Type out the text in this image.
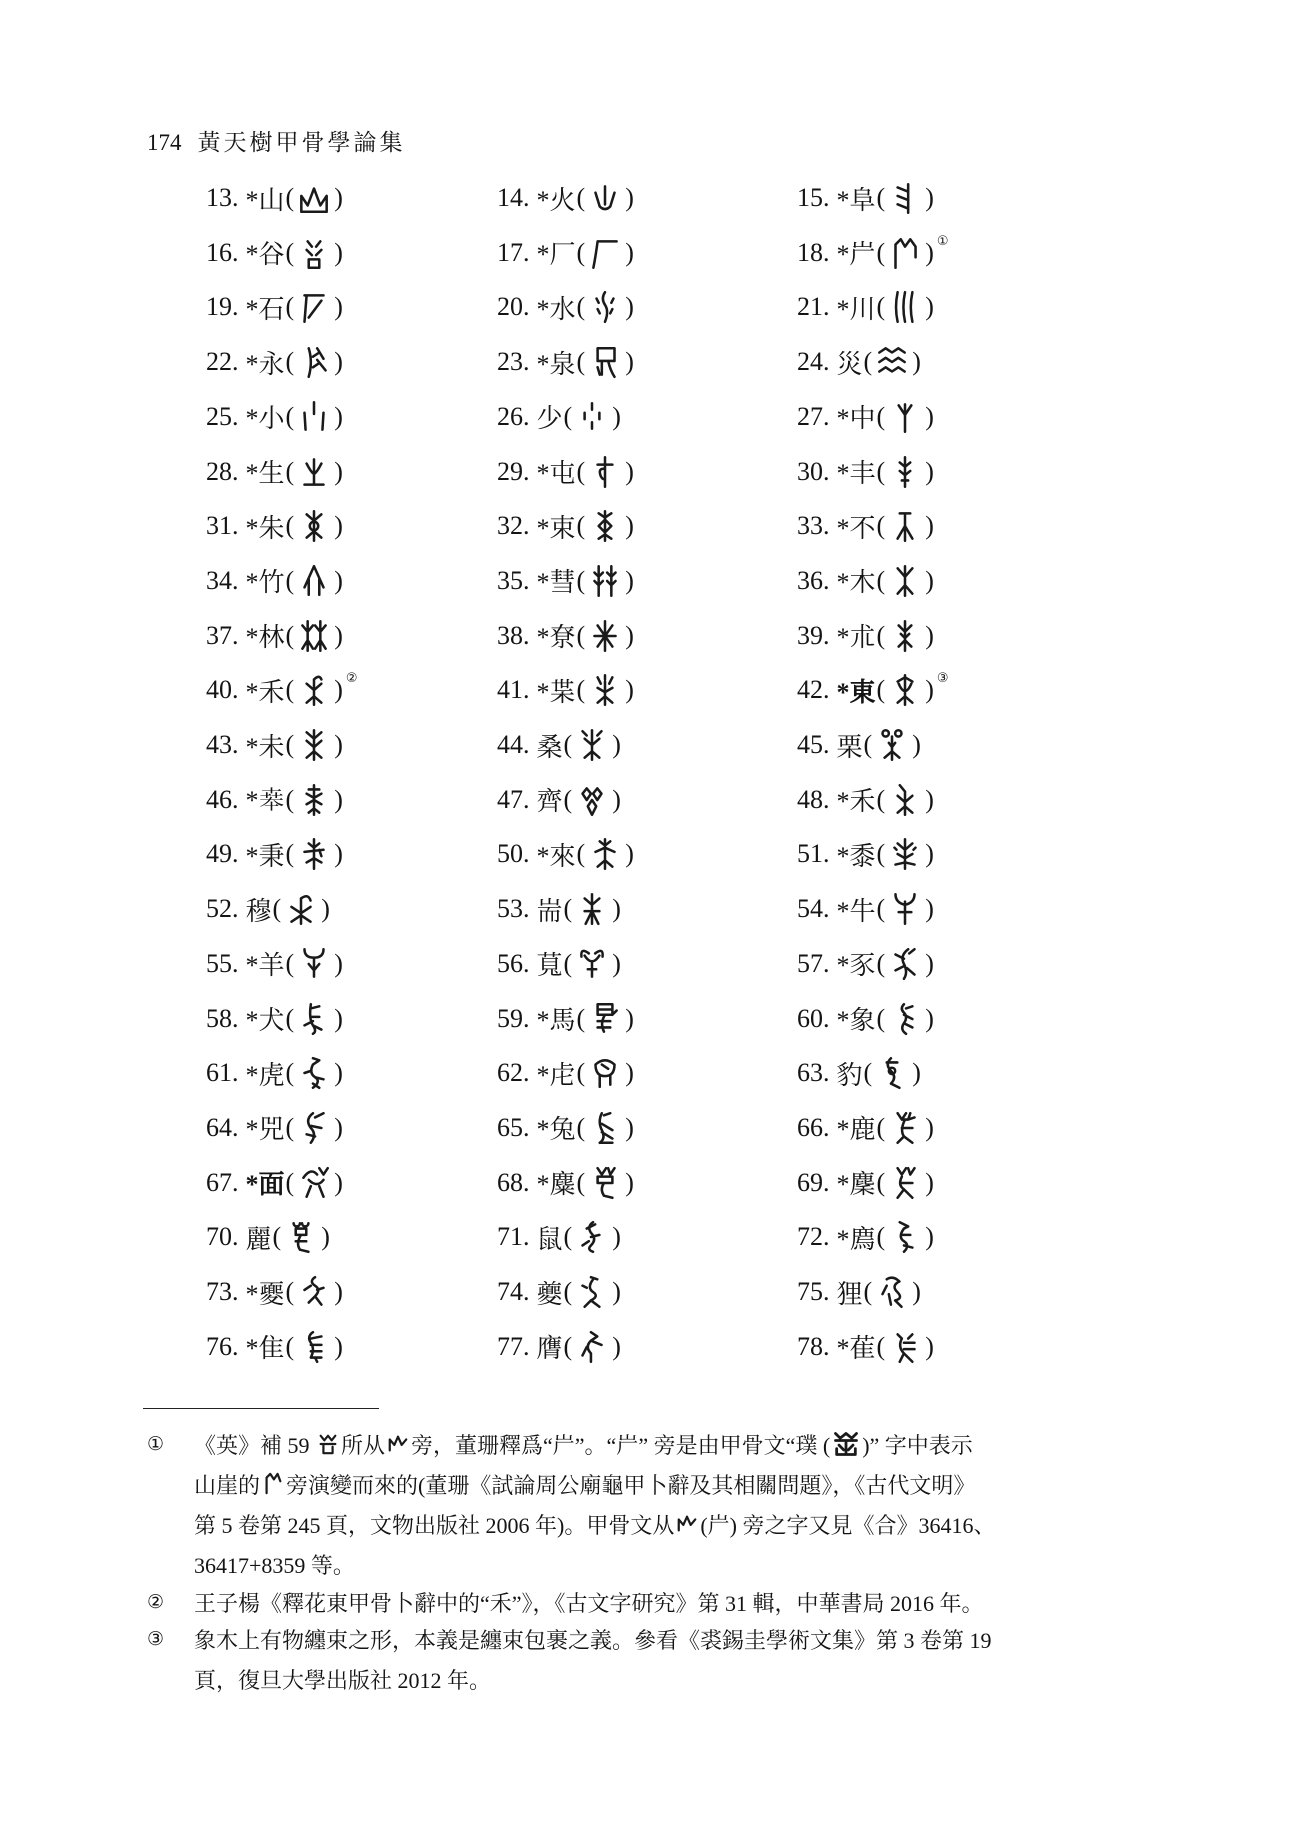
174 黃天樹甲骨學論集
13. *山 ( )	14. *火 ( )	15. *阜 ( )
16. *谷 ( )	17. *厂 ( )	18. *屵 ( ) ①
19. *石 ( )	20. *水 ( )	21. *川 ( )
22. *永 ( )	23. *泉 ( )	24. 災 ( )
25. *小 ( )	26. 少 ( )	27. *中 ( )
28. *生 ( )	29. *屯 ( )	30. *丰 ( )
31. *朱 ( )	32. *束 ( )	33. *不 ( )
34. *竹 ( )	35. *彗 ( )	36. *木 ( )
37. *林 ( )	38. *尞 ( )	39. *朮 ( )
40. *禾 ( ) ②	41. *枼 ( )	42. *東 ( ) ③
43. *未 ( )	44. 桑 ( )	45. 栗 ( )
46. *𠦪 ( )	47. 齊 ( )	48. *禾 ( )
49. *秉 ( )	50. *來 ( )	51. *黍 ( )
52. 穆 ( )	53. 耑 ( )	54. *牛 ( )
55. *羊 ( )	56. 萈 ( )	57. *豕 ( )
58. *犬 ( )	59. *馬 ( )	60. *象 ( )
61. *虎 ( )	62. *虍 ( )	63. 豹 ( )
64. *兕 ( )	65. *兔 ( )	66. *鹿 ( )
67. *面 ( )	68. *麋 ( )	69. *麇 ( )
70. 麗 ( )	71. 鼠 ( )	72. *廌 ( )
73. *夒 ( )	74. 夔 ( )	75. 狸 ( )
76. *隹 ( )	77. 膺 ( )	78. *萑 ( )
① 《英》補 59 所从 旁，董珊釋爲“屵”。“屵” 旁是由甲骨文“璞 ( )” 字中表示
山崖的 旁演變而來的(董珊《試論周公廟龜甲卜辭及其相關問題》，《古代文明》
第 5 卷第 245 頁，文物出版社 2006 年)。甲骨文从 (屵) 旁之字又見《合》36416、
36417+8359 等。
② 王子楊《釋花東甲骨卜辭中的“禾”》，《古文字研究》第 31 輯，中華書局 2016 年。
③ 象木上有物纏束之形，本義是纏束包裹之義。參看《裘錫圭學術文集》第 3 卷第 19
頁，復旦大學出版社 2012 年。
